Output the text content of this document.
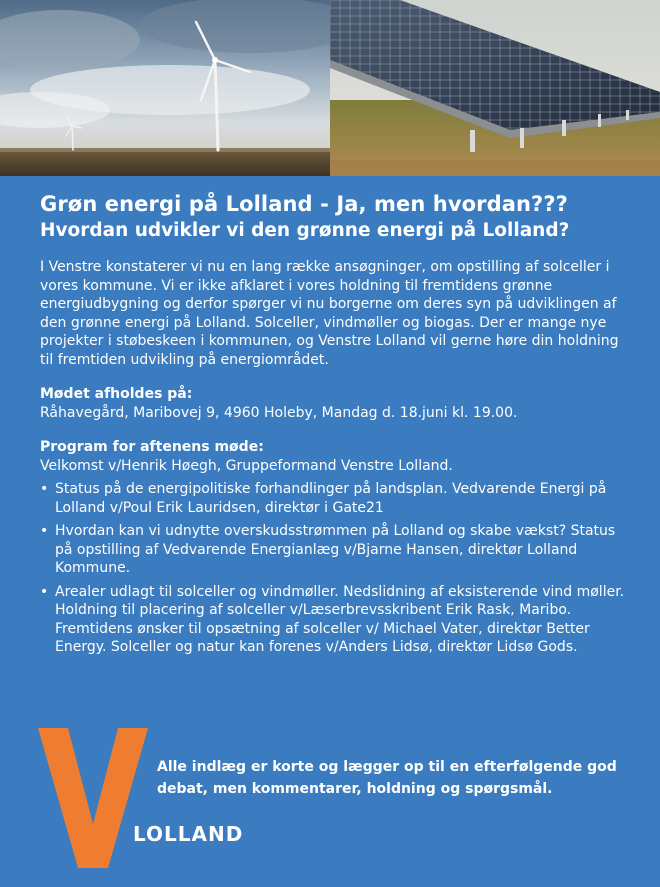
Grøn energi på Lolland - Ja, men hvordan???
Hvordan udvikler vi den grønne energi på Lolland?

I Venstre konstaterer vi nu en lang række ansøgninger, om opstilling af solceller i vores kommune. Vi er ikke afklaret i vores holdning til fremtidens grønne energiudbygning og derfor spørger vi nu borgerne om deres syn på udviklingen af den grønne energi på Lolland. Solceller, vindmøller og biogas. Der er mange nye projekter i støbeskeen i kommunen, og Venstre Lolland vil gerne høre din holdning til fremtiden udvikling på energiområdet.

Mødet afholdes på:

Råhavegård, Maribovej 9, 4960 Holeby, Mandag d. 18.juni kl. 19.00.

Program for aftenens møde:

Velkomst v/Henrik Høegh, Gruppeformand Venstre Lolland.

• Status på de energipolitiske forhandlinger på landsplan. Vedvarende Energi på Lolland v/Poul Erik Lauridsen, direktør i Gate21
• Hvordan kan vi udnytte overskudsstrømmen på Lolland og skabe vækst? Status på opstilling af Vedvarende Energianlæg v/Bjarne Hansen, direktør Lolland Kommune.
• Arealer udlagt til solceller og vindmøller. Nedslidning af eksisterende vind møller. Holdning til placering af solceller v/Læserbrevsskribent Erik Rask, Maribo. Fremtidens ønsker til opsætning af solceller v/ Michael Vater, direktør Better Energy. Solceller og natur kan forenes v/Anders Lidsø, direktør Lidsø Gods.

Alle indlæg er korte og lægger op til en efterfølgende god debat, men kommentarer, holdning og spørgsmål.

LOLLAND
